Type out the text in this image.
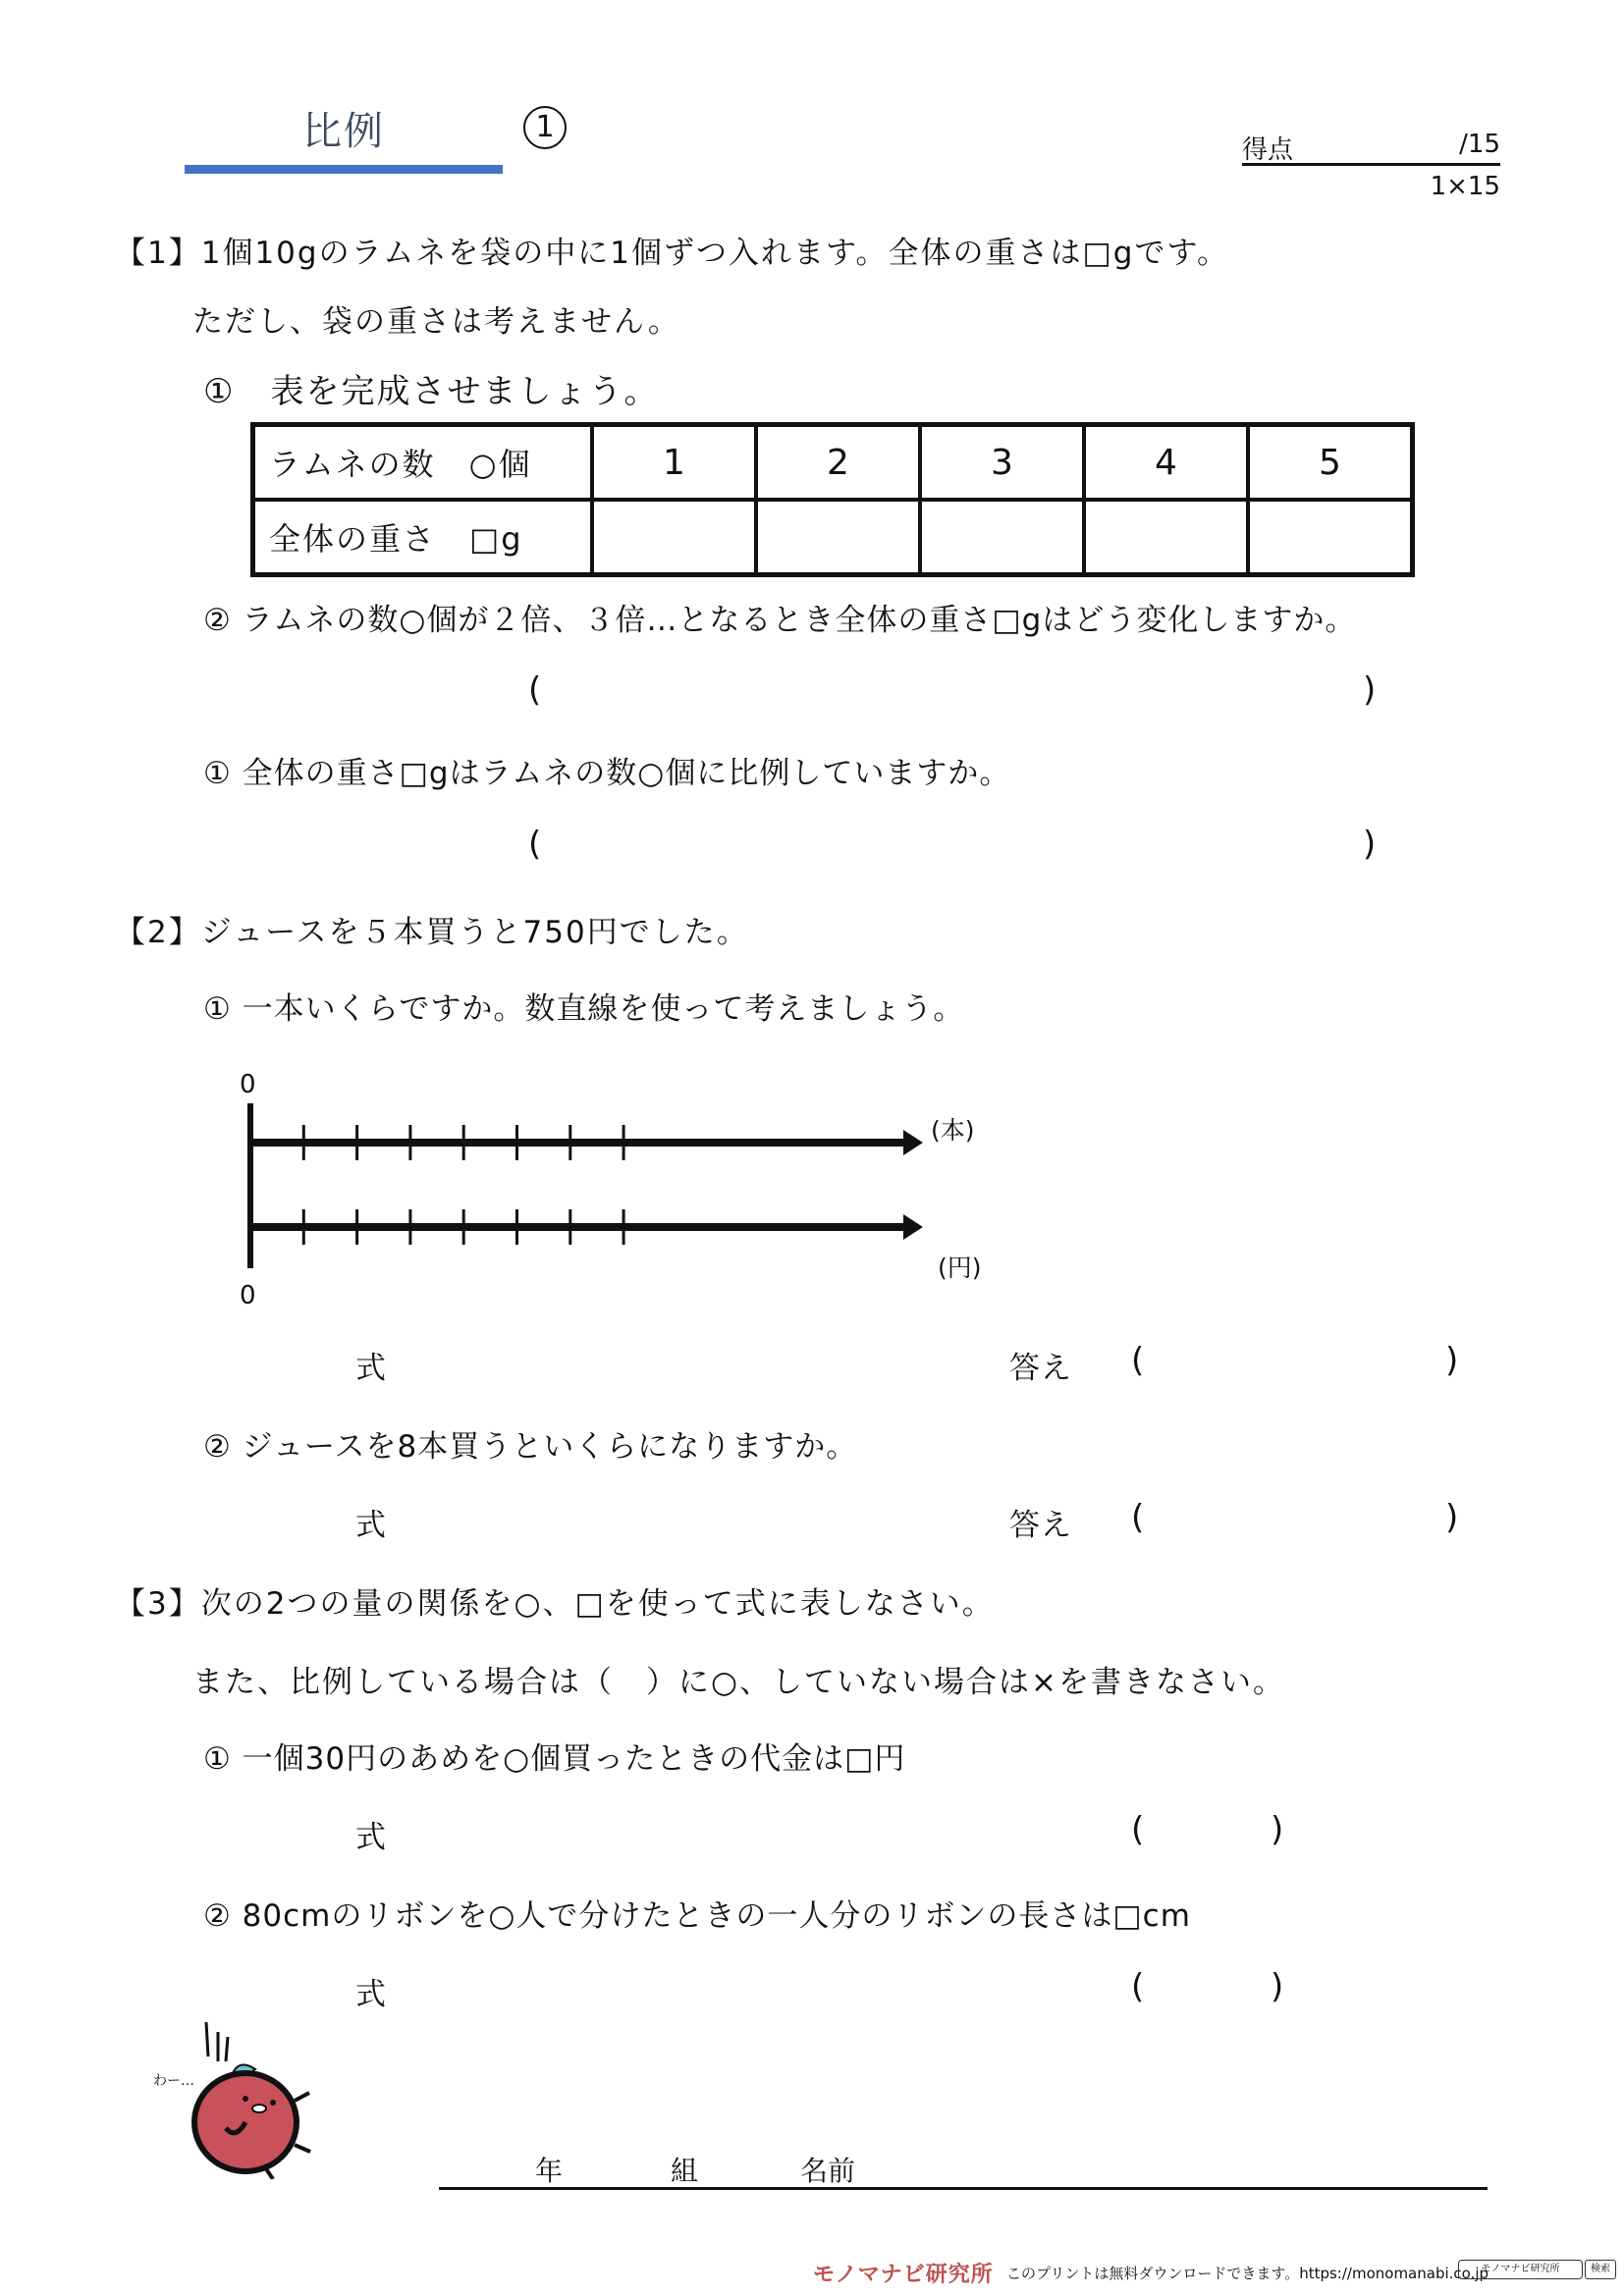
比例	1
得点	/15
1×15
【1】1個10gのラムネを袋の中に1個ずつ入れます。全体の重さは□gです。
ただし、袋の重さは考えません。
①　表を完成させましょう。
ラムネの数　○個	1	2	3	4	5
全体の重さ　□g					
② ラムネの数○個が２倍、３倍…となるとき全体の重さ□gはどう変化しますか。
(	)
① 全体の重さ□gはラムネの数○個に比例していますか。
(	)
【2】ジュースを５本買うと750円でした。
① 一本いくらですか。数直線を使って考えましょう。
0
0
(本)
(円)
式	答え (	)
② ジュースを8本買うといくらになりますか。
式	答え (	)
【3】次の2つの量の関係を○、□を使って式に表しなさい。
また、比例している場合は（　）に○、していない場合は×を書きなさい。
① 一個30円のあめを○個買ったときの代金は□円
式	(	)
② 80cmのリボンを○人で分けたときの一人分のリボンの長さは□cm
式	(	)
わー…
年	組	名前
モノマナビ研究所 このプリントは無料ダウンロードできます。https://monomanabi.co.jp
モノマナビ研究所	検索
